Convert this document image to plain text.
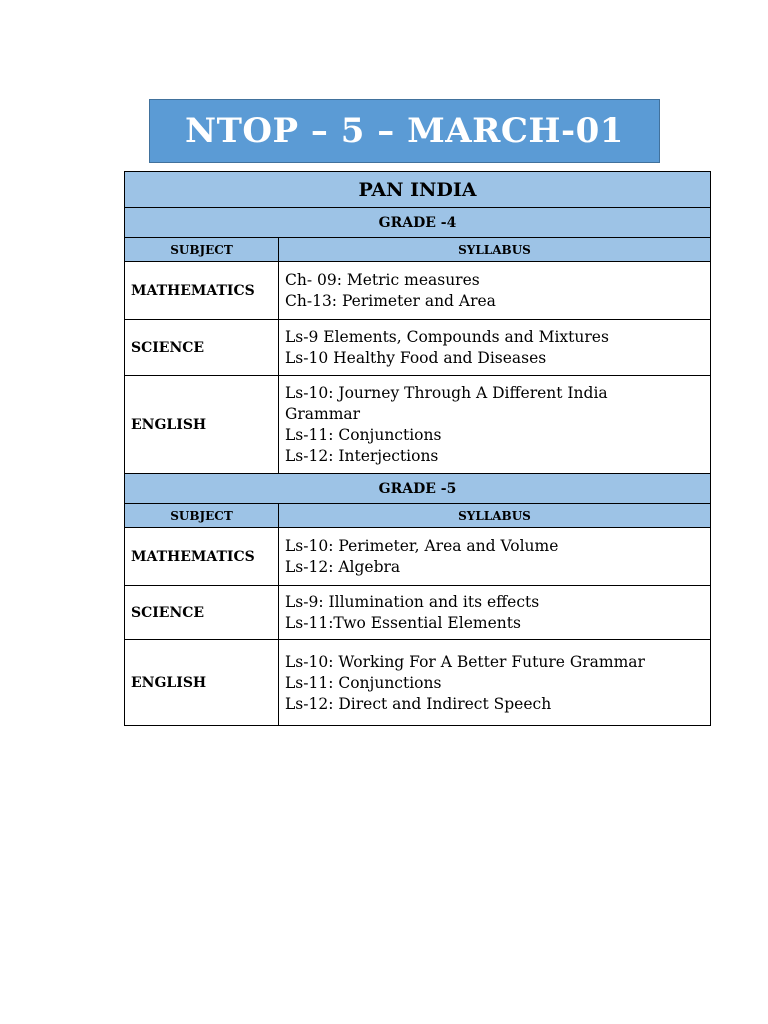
NTOP – 5 – MARCH-01
PAN INDIA	
GRADE -4	
SUBJECT	SYLLABUS
MATHEMATICS	Ch- 09: Metric measures
Ch-13: Perimeter and Area

SCIENCE	Ls-9 Elements, Compounds and Mixtures
Ls-10 Healthy Food and Diseases

ENGLISH	Ls-10: Journey Through A Different India
Grammar
Ls-11: Conjunctions
Ls-12: Interjections

GRADE -5	
SUBJECT	SYLLABUS
MATHEMATICS	Ls-10: Perimeter, Area and Volume
Ls-12: Algebra

SCIENCE	Ls-9: Illumination and its effects
Ls-11:Two Essential Elements

ENGLISH	Ls-10: Working For A Better Future Grammar
Ls-11: Conjunctions
Ls-12: Direct and Indirect Speech
